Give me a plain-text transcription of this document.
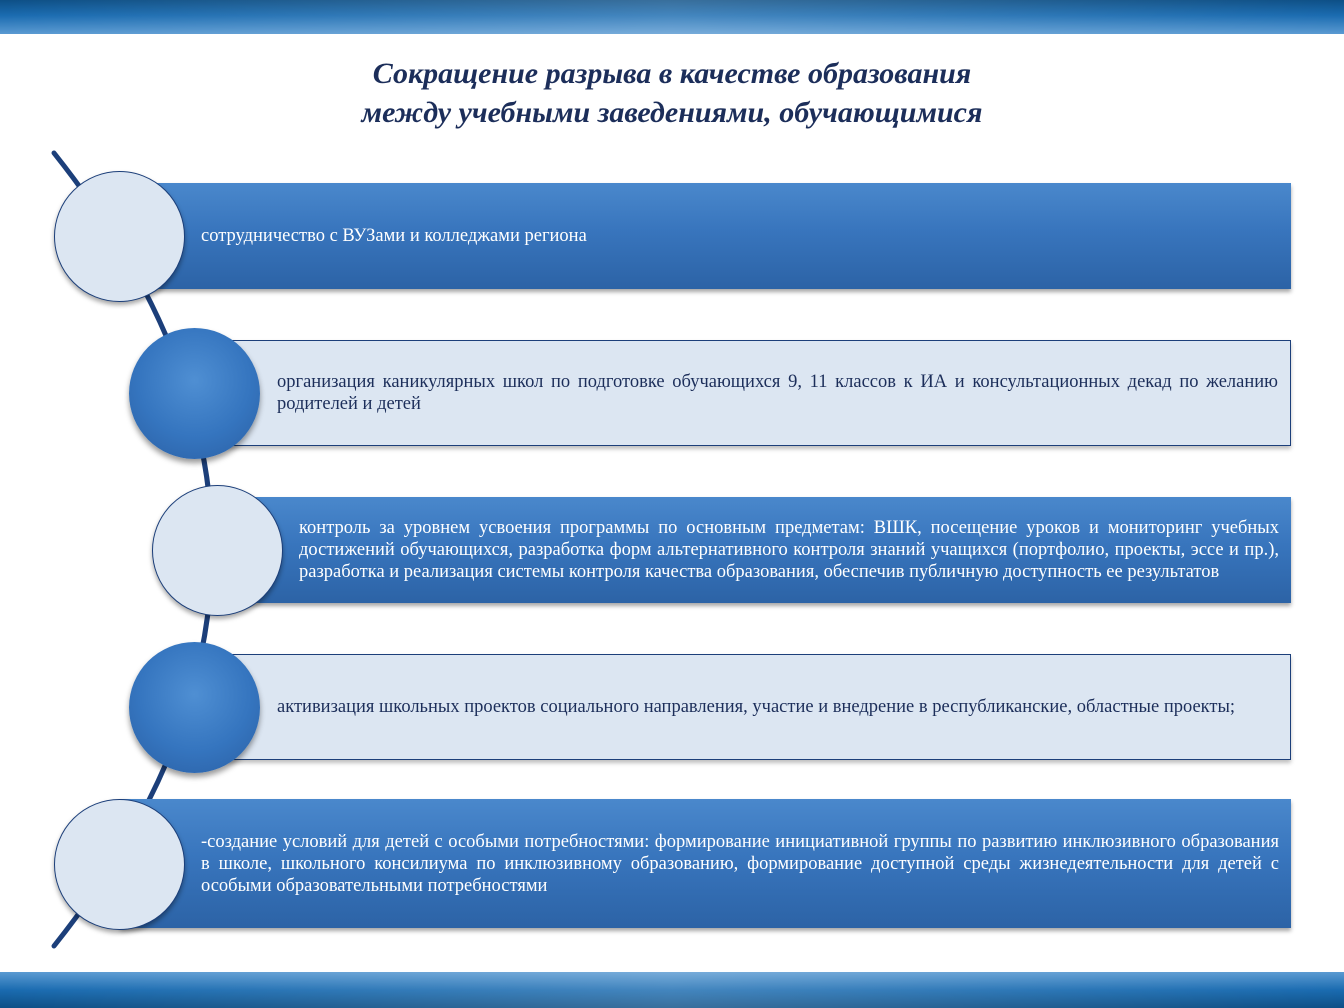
Сокращение разрыва в качестве образования
между учебными заведениями, обучающимися
сотрудничество с ВУЗами и колледжами региона
организация каникулярных школ по подготовке обучающихся 9, 11 классов к ИА и консультационных декад по желанию родителей и детей
контроль за уровнем усвоения программы по основным предметам: ВШК, посещение уроков и мониторинг учебных достижений обучающихся, разработка форм альтернативного контроля знаний учащихся (портфолио, проекты, эссе и пр.), разработка и реализация системы контроля качества образования, обеспечив публичную доступность ее результатов
активизация школьных проектов социального направления, участие и внедрение в республиканские, областные проекты;
-создание условий для детей с особыми потребностями: формирование инициативной группы по развитию инклюзивного образования в школе, школьного консилиума по инклюзивному образованию, формирование доступной среды жизнедеятельности для детей с особыми образовательными потребностями
